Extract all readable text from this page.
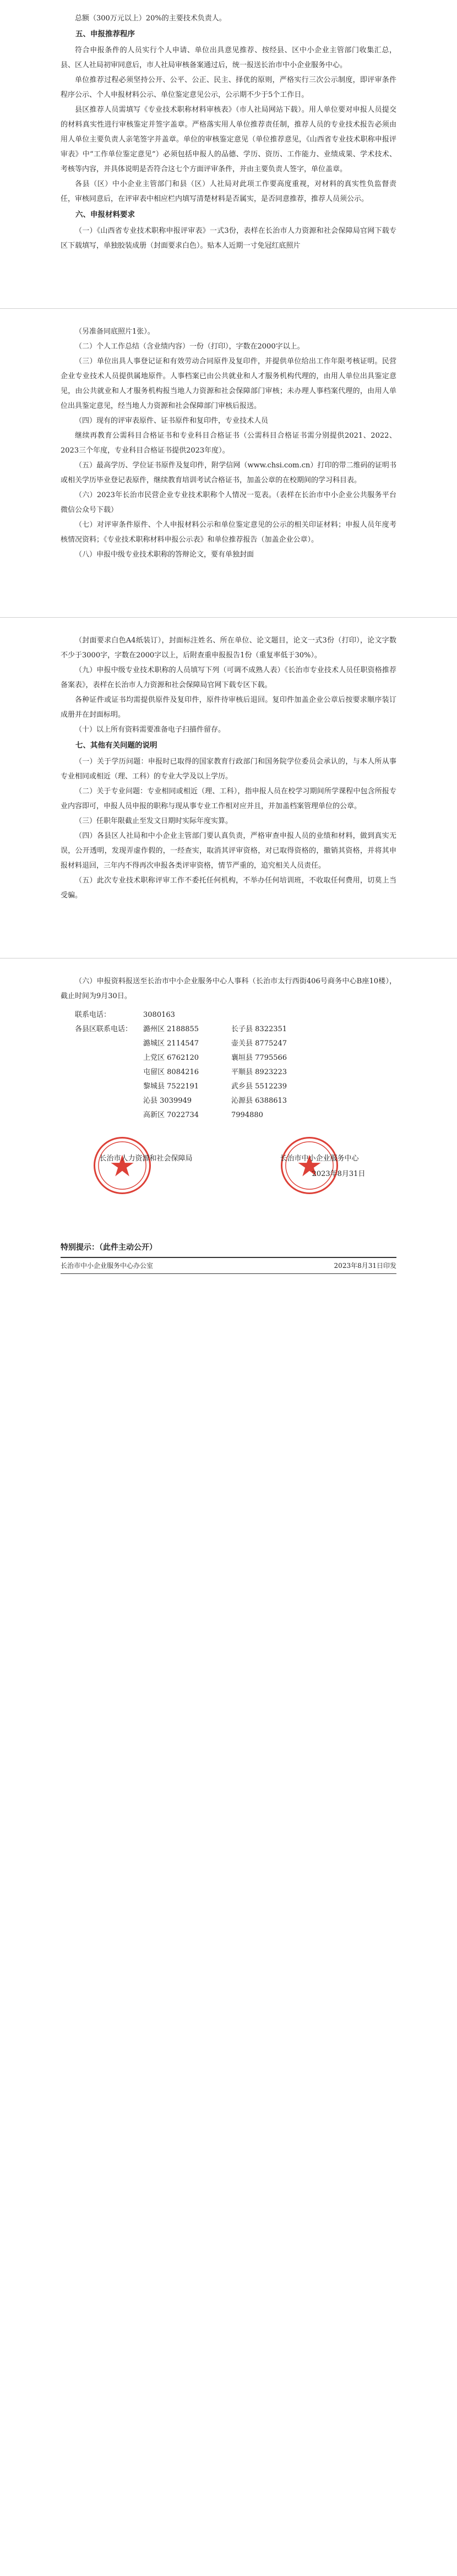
总额（300万元以上）20%的主要技术负责人。

五、申报推荐程序

符合申报条件的人员实行个人申请、单位出具意见推荐、按经县、区中小企业主管部门收集汇总，县、区人社局初审同意后，市人社局审核备案通过后，统一报送长治市中小企业服务中心。

单位推荐过程必须坚持公开、公平、公正、民主、择优的原则，严格实行三次公示制度，即评审条件程序公示、个人申报材料公示、单位鉴定意见公示，公示期不少于5个工作日。

县区推荐人员需填写《专业技术职称材料审核表》（市人社局网站下载）。用人单位要对申报人员提交的材料真实性进行审核鉴定并签字盖章。严格落实用人单位推荐责任制，推荐人员的专业技术报告必须由用人单位主要负责人亲笔签字并盖章。单位的审核鉴定意见（单位推荐意见，《山西省专业技术职称申报评审表》中“工作单位鉴定意见”）必须包括申报人的品德、学历、资历、工作能力、业绩成果、学术技术、考核等内容，并具体说明是否符合这七个方面评审条件，并由主要负责人签字，单位盖章。

各县（区）中小企业主管部门和县（区）人社局对此项工作要高度重视，对材料的真实性负监督责任，审核同意后，在评审表中相应栏内填写清楚材料是否属实，是否同意推荐，推荐人员须公示。

六、申报材料要求

（一）《山西省专业技术职称申报评审表》一式3份，表样在长治市人力资源和社会保障局官网下载专区下载填写，单独胶装成册（封面要求白色）。贴本人近期一寸免冠红底照片

（另准备同底照片1张）。

（二）个人工作总结（含业绩内容）一份（打印），字数在2000字以上。

（三）单位出具人事登记证和有效劳动合同原件及复印件，并提供单位给出工作年限考核证明。民营企业专业技术人员提供属地原件。人事档案已由公共就业和人才服务机构代理的，由用人单位出具鉴定意见，由公共就业和人才服务机构报当地人力资源和社会保障部门审核；未办理人事档案代理的，由用人单位出具鉴定意见，经当地人力资源和社会保障部门审核后报送。

（四）现有的评审表原件、证书原件和复印件，专业技术人员

继续再教育公需科目合格证书和专业科目合格证书（公需科目合格证书需分别提供2021、2022、2023三个年度，专业科目合格证书提供2023年度）。

（五）最高学历、学位证书原件及复印件，附学信网（www.chsi.com.cn）打印的带二维码的证明书或相关学历毕业登记表原件，继续教育培训考试合格证书，加盖公章的在校期间的学习科目表。

（六）2023年长治市民营企业专业技术职称个人情况一览表。（表样在长治市中小企业公共服务平台微信公众号下载）

（七）对评审条件原件、个人申报材料公示和单位鉴定意见的公示的相关印证材料；申报人员年度考核情况资料；《专业技术职称材料申报公示表》和单位推荐报告（加盖企业公章）。

（八）申报中级专业技术职称的答辩论文，要有单独封面

（封面要求白色A4纸装订），封面标注姓名、所在单位、论文题目，论文一式3份（打印），论文字数不少于3000字，字数在2000字以上，后附查重申报报告1份（重复率低于30%）。

（九）申报中级专业技术职称的人员填写下列（可调不成熟人表）《长治市专业技术人员任职资格推荐备案表》，表样在长治市人力资源和社会保障局官网下载专区下载。

各种证件或证书均需提供原件及复印件，原件待审核后退回。复印件加盖企业公章后按要求顺序装订成册并在封面标明。

（十）以上所有资料需要准备电子扫描件留存。

七、其他有关问题的说明

（一）关于学历问题：申报时已取得的国家教育行政部门和国务院学位委员会承认的，与本人所从事专业相同或相近（理、工科）的专业大学及以上学历。

（二）关于专业问题：专业相同或相近（理、工科），指申报人员在校学习期间所学课程中包含所报专业内容即可，申报人员申报的职称与现从事专业工作相对应并且，并加盖档案管理单位的公章。

（三）任职年限截止至发文日期时实际年度实算。

（四）各县区人社局和中小企业主管部门要认真负责，严格审查申报人员的业绩和材料，做到真实无误，公开透明，发现弄虚作假的，一经查实，取消其评审资格，对已取得资格的，撤销其资格，并将其申报材料退回，三年内不得再次申报各类评审资格，情节严重的，追究相关人员责任。

（五）此次专业技术职称评审工作不委托任何机构，不举办任何培训班，不收取任何费用，切莫上当受骗。

（六）申报资料报送至长治市中小企业服务中心人事科（长治市太行西街406号商务中心B座10楼），截止时间为9月30日。

联系电话：	3080163
各县区联系电话：	潞州区 2188855	长子县 8322351
潞城区 2114547	壶关县 8775247
上党区 6762120	襄垣县 7795566
屯留区 8084216	平顺县 8923223
黎城县 7522191	武乡县 5512239
沁县 3039949	沁源县 6388613
高新区 7022734	7994880
长治市人力资源和社会保障局	长治市中小企业服务中心
2023年8月31日
特别提示：（此件主动公开）
长治市中小企业服务中心办公室	2023年8月31日印发
